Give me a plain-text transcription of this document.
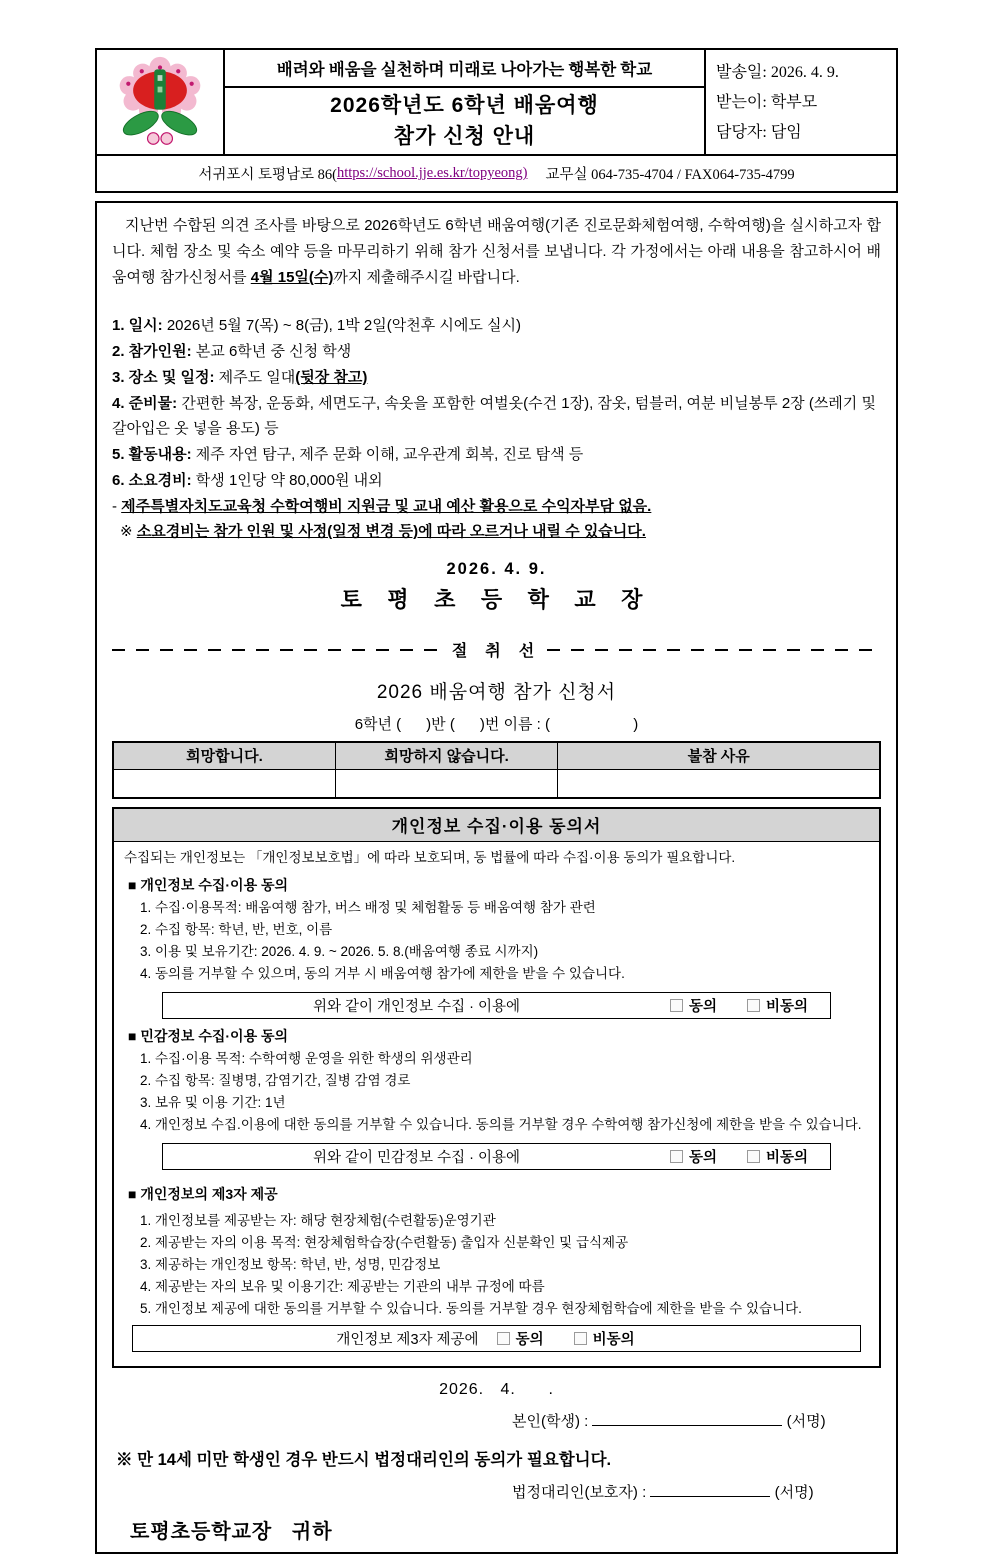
배려와 배움을 실천하며 미래로 나아가는 행복한 학교
2026학년도 6학년 배움여행
참가 신청 안내
발송일: 2026. 4. 9.
받는이: 학부모
담당자: 담임
서귀포시 토평남로 86( https://school.jje.es.kr/topyeong) 교무실 064-735-4704 / FAX064-735-4799

지난번 수합된 의견 조사를 바탕으로 2026학년도 6학년 배움여행(기존 진로문화체험여행, 수학여행)을 실시하고자 합니다. 체험 장소 및 숙소 예약 등을 마무리하기 위해 참가 신청서를 보냅니다. 각 가정에서는 아래 내용을 참고하시어 배움여행 참가신청서를 4월 15일(수)까지 제출해주시길 바랍니다.

1. 일시: 2026년 5월 7(목) ~ 8(금), 1박 2일(악천후 시에도 실시)
2. 참가인원: 본교 6학년 중 신청 학생
3. 장소 및 일정: 제주도 일대(뒷장 참고)
4. 준비물: 간편한 복장, 운동화, 세면도구, 속옷을 포함한 여벌옷(수건 1장), 잠옷, 텀블러, 여분 비닐봉투 2장 (쓰레기 및 갈아입은 옷 넣을 용도) 등
5. 활동내용: 제주 자연 탐구, 제주 문화 이해, 교우관계 회복, 진로 탐색 등
6. 소요경비: 학생 1인당 약 80,000원 내외
- 제주특별자치도교육청 수학여행비 지원금 및 교내 예산 활용으로 수익자부담 없음.
※ 소요경비는 참가 인원 및 사정(일정 변경 등)에 따라 오르거나 내릴 수 있습니다.
2026. 4. 9.
토 평 초 등 학 교 장
절 취 선
2026 배움여행 참가 신청서
6학년 (      )반 (      )번 이름 : (                    )
희망합니다.	희망하지 않습니다.	불참 사유

개인정보 수집·이용 동의서
수집되는 개인정보는 「개인정보보호법」에 따라 보호되며, 동 법률에 따라 수집·이용 동의가 필요합니다.
■ 개인정보 수집·이용 동의
1. 수집·이용목적: 배움여행 참가, 버스 배정 및 체험활동 등 배움여행 참가 관련
2. 수집 항목: 학년, 반, 번호, 이름
3. 이용 및 보유기간: 2026. 4. 9. ~ 2026. 5. 8.(배움여행 종료 시까지)
4. 동의를 거부할 수 있으며, 동의 거부 시 배움여행 참가에 제한을 받을 수 있습니다.
위와 같이 개인정보 수집 · 이용에	동의	비동의
■ 민감정보 수집·이용 동의
1. 수집·이용 목적: 수학여행 운영을 위한 학생의 위생관리
2. 수집 항목: 질병명, 감염기간, 질병 감염 경로
3. 보유 및 이용 기간: 1년
4. 개인정보 수집.이용에 대한 동의를 거부할 수 있습니다. 동의를 거부할 경우 수학여행 참가신청에 제한을 받을 수 있습니다.
위와 같이 민감정보 수집 · 이용에	동의	비동의
■ 개인정보의 제3자 제공
1. 개인정보를 제공받는 자: 해당 현장체험(수련활동)운영기관
2. 제공받는 자의 이용 목적: 현장체험학습장(수련활동) 출입자 신분확인 및 급식제공
3. 제공하는 개인정보 항목: 학년, 반, 성명, 민감정보
4. 제공받는 자의 보유 및 이용기간: 제공받는 기관의 내부 규정에 따름
5. 개인정보 제공에 대한 동의를 거부할 수 있습니다. 동의를 거부할 경우 현장체험학습에 제한을 받을 수 있습니다.
개인정보 제3자 제공에	동의	비동의
2026.   4.      .
본인(학생) :	(서명)
※ 만 14세 미만 학생인 경우 반드시 법정대리인의 동의가 필요합니다.
법정대리인(보호자) :	(서명)
토평초등학교장   귀하
